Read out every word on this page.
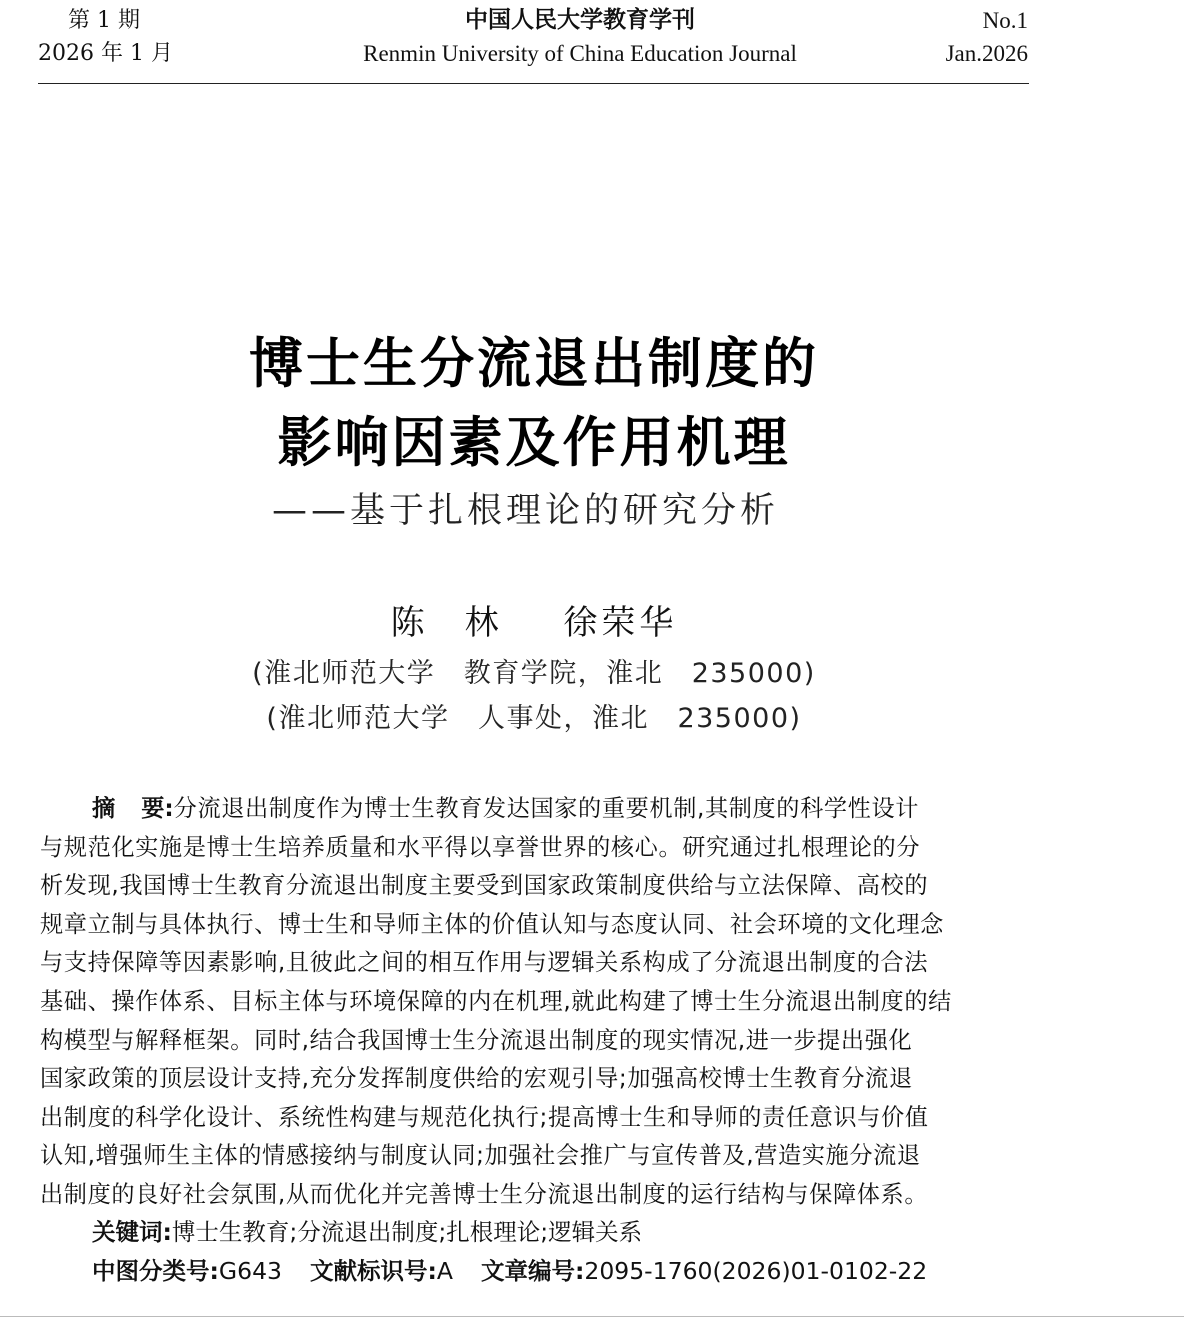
第 1 期
2026 年 1 月
中国人民大学教育学刊
Renmin University of China Education Journal
No.1
Jan.2026
博士生分流退出制度的
影响因素及作用机理
——基于扎根理论的研究分析
陈林 徐荣华
(淮北师范大学　教育学院，淮北　235000)
(淮北师范大学　人事处，淮北　235000)
摘 要:分流退出制度作为博士生教育发达国家的重要机制,其制度的科学性设计
与规范化实施是博士生培养质量和水平得以享誉世界的核心。研究通过扎根理论的分
析发现,我国博士生教育分流退出制度主要受到国家政策制度供给与立法保障、高校的
规章立制与具体执行、博士生和导师主体的价值认知与态度认同、社会环境的文化理念
与支持保障等因素影响,且彼此之间的相互作用与逻辑关系构成了分流退出制度的合法
基础、操作体系、目标主体与环境保障的内在机理,就此构建了博士生分流退出制度的结
构模型与解释框架。同时,结合我国博士生分流退出制度的现实情况,进一步提出强化
国家政策的顶层设计支持,充分发挥制度供给的宏观引导;加强高校博士生教育分流退
出制度的科学化设计、系统性构建与规范化执行;提高博士生和导师的责任意识与价值
认知,增强师生主体的情感接纳与制度认同;加强社会推广与宣传普及,营造实施分流退
出制度的良好社会氛围,从而优化并完善博士生分流退出制度的运行结构与保障体系。
关键词:博士生教育;分流退出制度;扎根理论;逻辑关系
中图分类号:G643 文献标识号:A 文章编号:2095-1760(2026)01-0102-22
